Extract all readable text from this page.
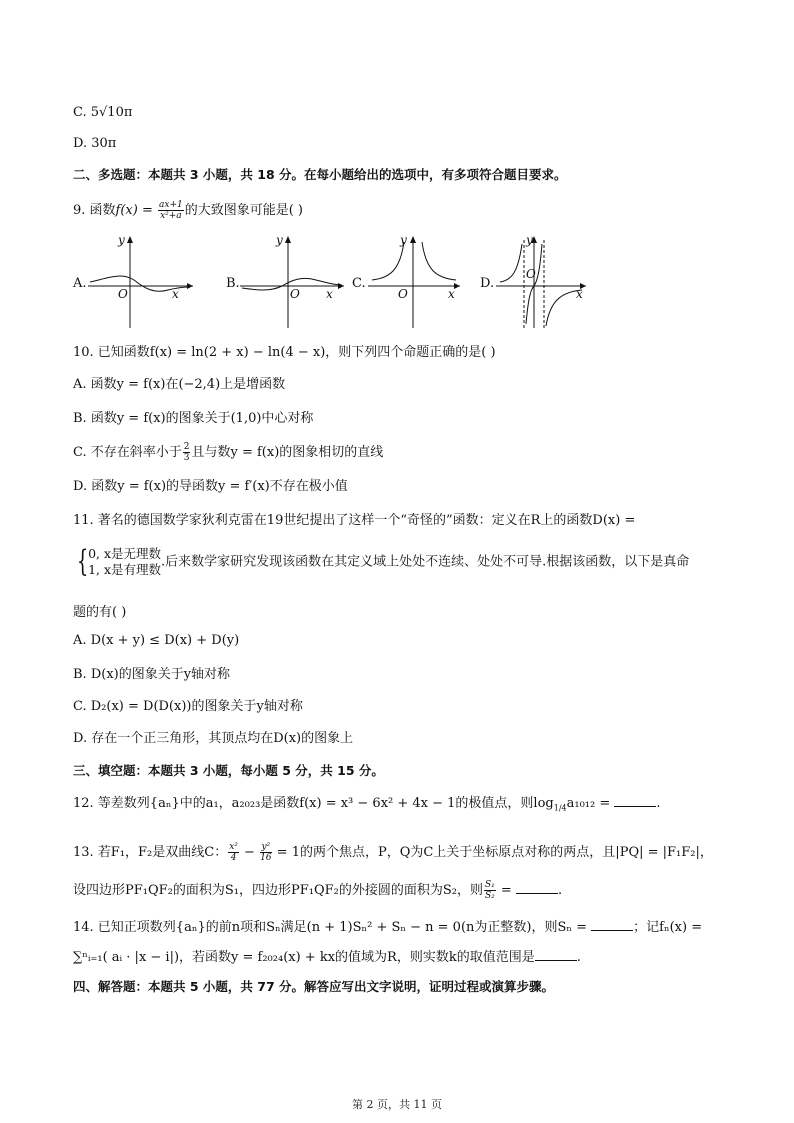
C. 5√10π
D. 30π
二、多选题：本题共 3 小题，共 18 分。在每小题给出的选项中，有多项符合题目要求。
9. 函数$f(x) = \frac{ax+1}{\text{x²+a}}$ 的大致图象可能是( )
A.
y
O	x
B.
y
O x
C.
y
O	x
D.
y
O
x
10. 已知函数f(x) = ln(2 + x) − ln(4 − x)，则下列四个命题正确的是( )
A. 函数y = f(x)在(−2,4)上是增函数
B. 函数y = f(x)的图象关于(1,0)中心对称
C. 不存在斜率小于 $\frac{2}{3}$ 且与数y = f(x)的图象相切的直线
D. 函数y = f(x)的导函数y = f′(x)不存在极小值
11. 著名的德国数学家狄利克雷在19世纪提出了这样一个“奇怪的”函数：定义在R上的函数D(x) =
{ 0, x是无理数
1, x是有理数 .后来数学家研究发现该函数在其定义域上处处不连续、处处不可导.根据该函数，以下是真命
题的有( )
A. D(x + y) ≤ D(x) + D(y)
B. D(x)的图象关于y轴对称
C. D₂(x) = D(D(x))的图象关于y轴对称
D. 存在一个正三角形，其顶点均在D(x)的图象上
三、填空题：本题共 3 小题，每小题 5 分，共 15 分。
12. 等差数列{aₙ}中的a₁，a₂₀₂₃是函数f(x) = x³ − 6x² + 4x − 1的极值点，则$\log_{1/4}a_{1012}$ =	.
13. 若F₁，F₂是双曲线C： $\frac{\text{x²}}{4} - \frac{\text{y²}}{16} = 1$的两个焦点，P，Q为C上关于坐标原点对称的两点，且|PQ| = |F₁F₂|，
设四边形PF₁QF₂的面积为S₁，四边形PF₁QF₂的外接圆的面积为S₂，则 $\frac{\text{S₁}}{\text{S₂}}$ =	.
14. 已知正项数列{aₙ}的前n项和Sₙ满足(n + 1)Sₙ² + Sₙ − n = 0(n为正整数)，则Sₙ =	；记fₙ(x) =
∑ⁿᵢ₌₁( aᵢ · |x − i|)，若函数y = f₂₀₂₄(x) + kx的值域为R，则实数k的取值范围是	.
四、解答题：本题共 5 小题，共 77 分。解答应写出文字说明，证明过程或演算步骤。
第 2 页，共 11 页
